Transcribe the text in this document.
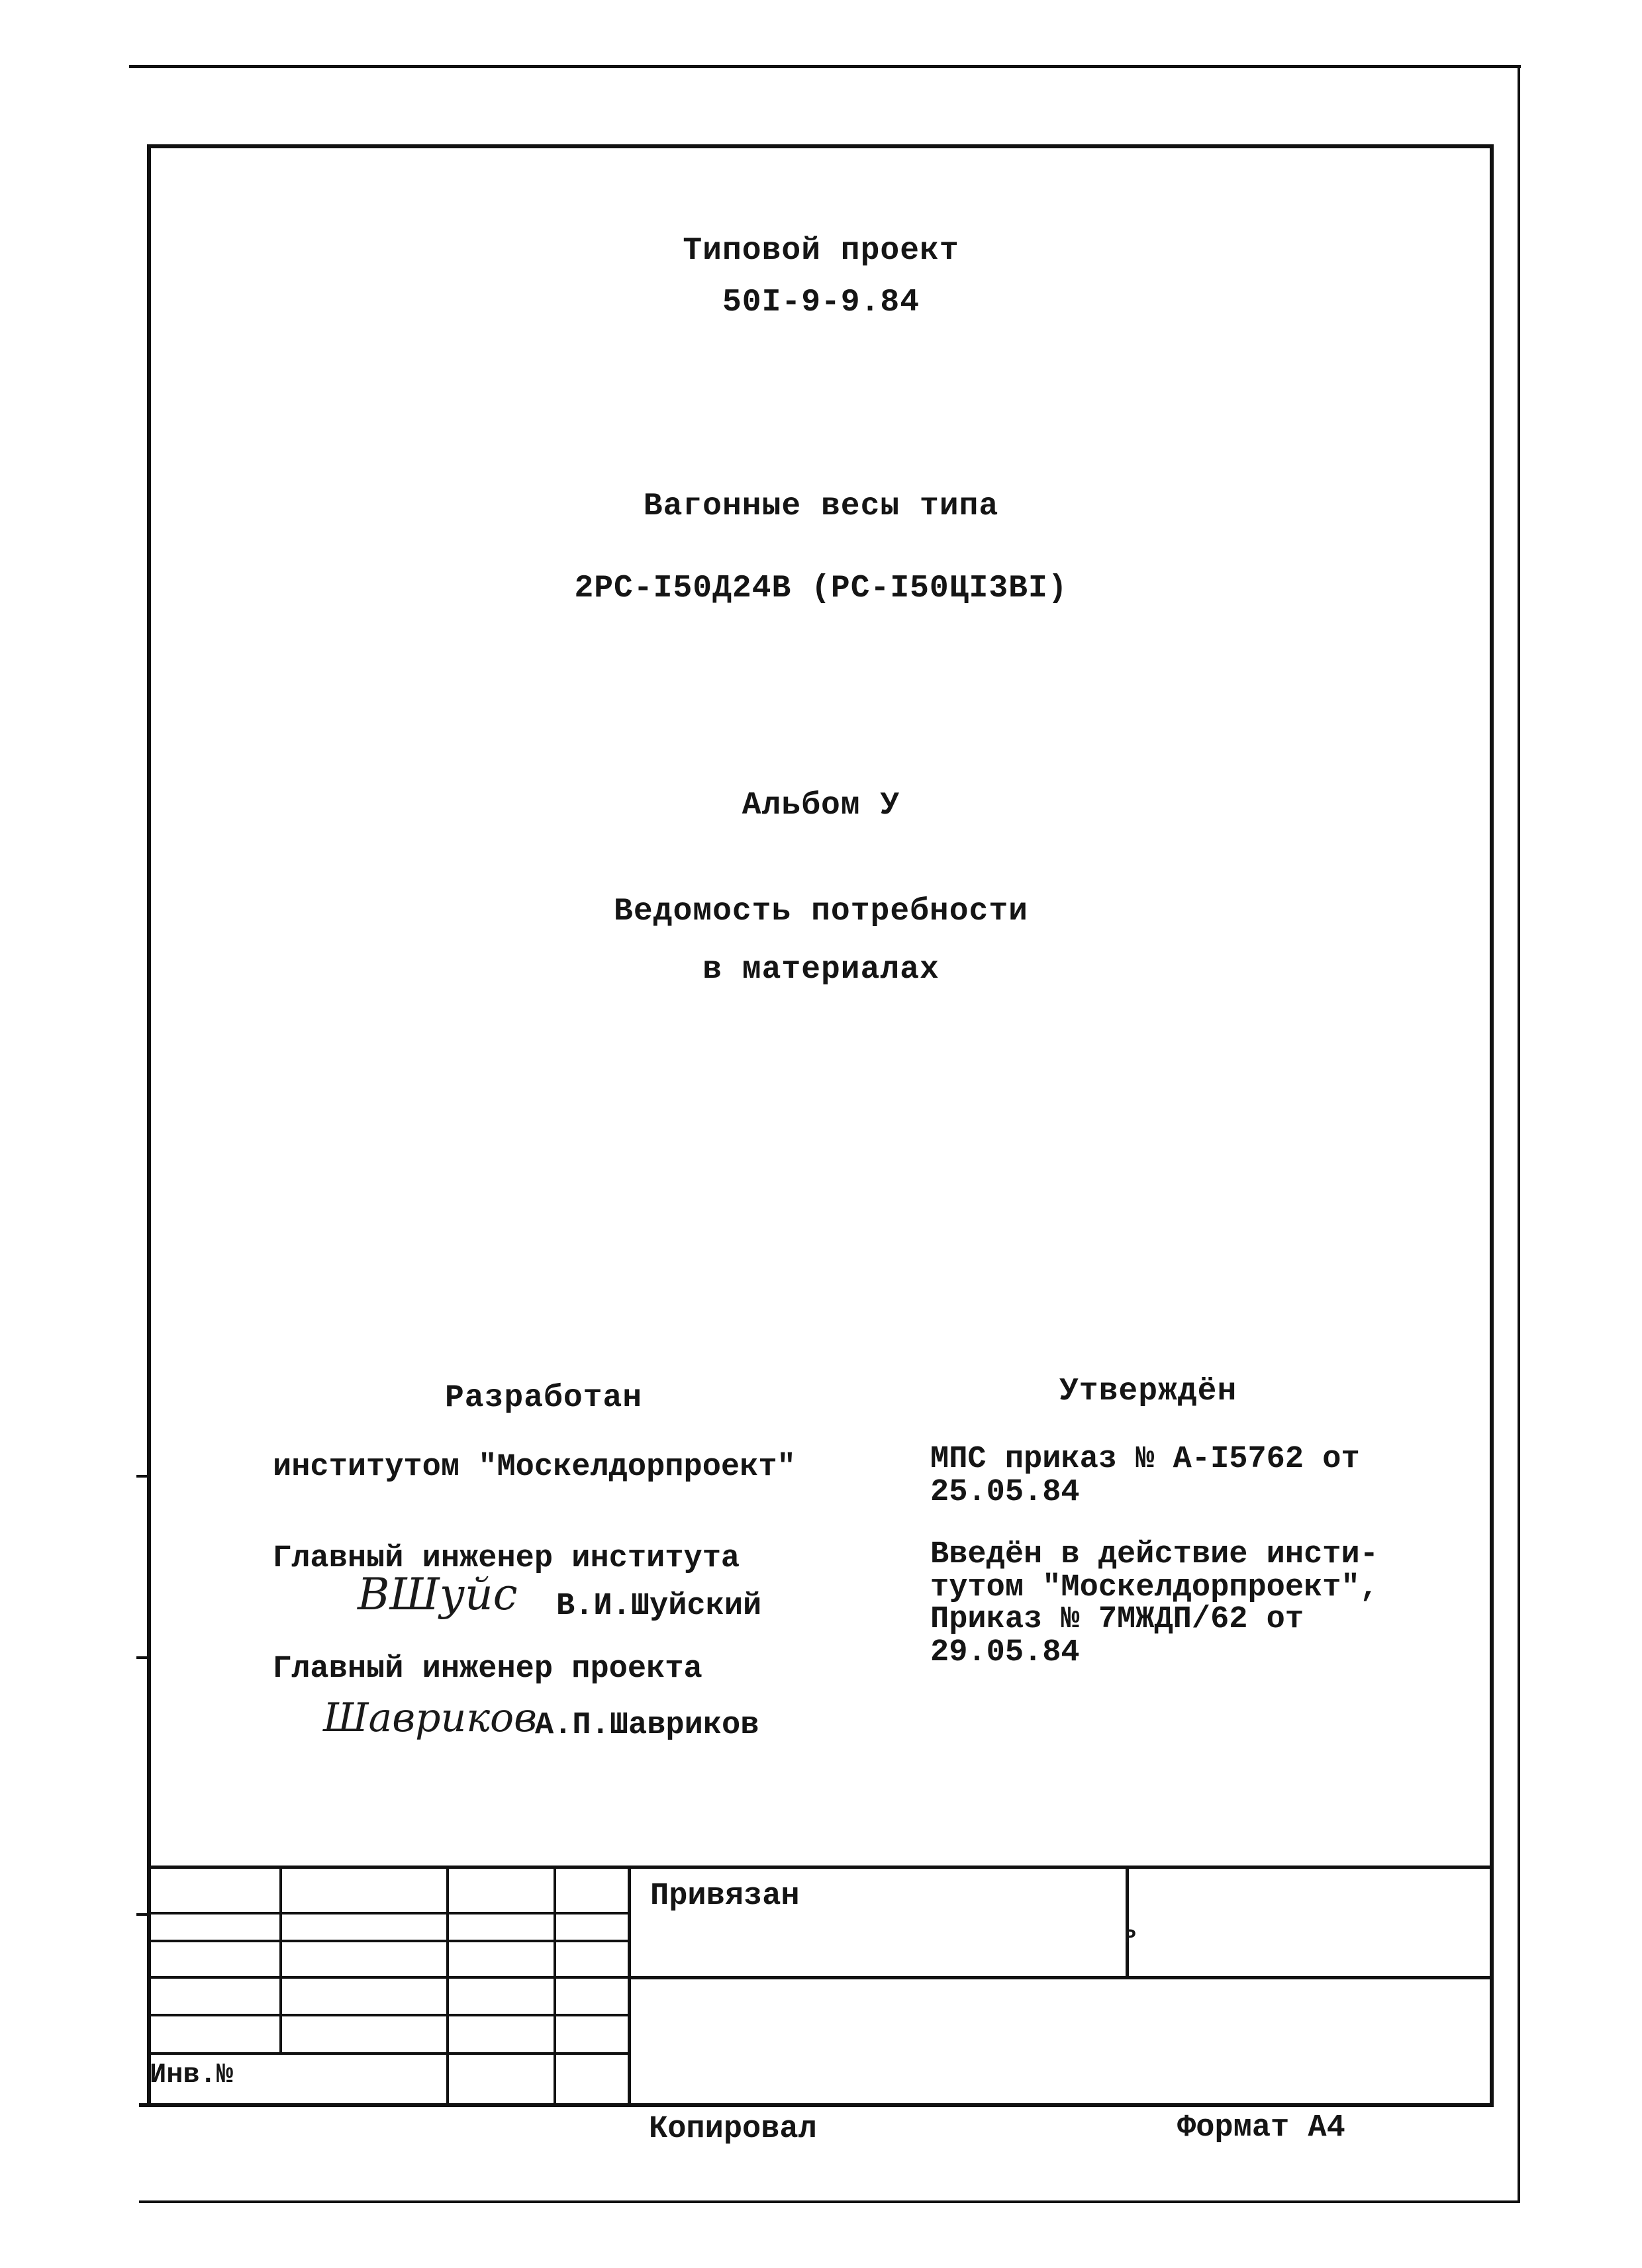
Типовой проект
50I-9-9.84
Вагонные весы типа
2РС-I50Д24В (РС-I50ЦI3ВI)
Альбом У
Ведомость потребности
в материалах
Разработан
институтом "Москелдорпроект"
Главный инженер института
ВШуйс В.И.Шуйский
Главный инженер проекта
Шавриков
А.П.Шавриков
Утверждён
МПС приказ № А-I5762 от
25.05.84
Введён в действие инсти-
тутом "Москелдорпроект",
Приказ № 7МЖДП/62 от
29.05.84
Привязан
Р
Инв.№
Копировал	Формат А4
